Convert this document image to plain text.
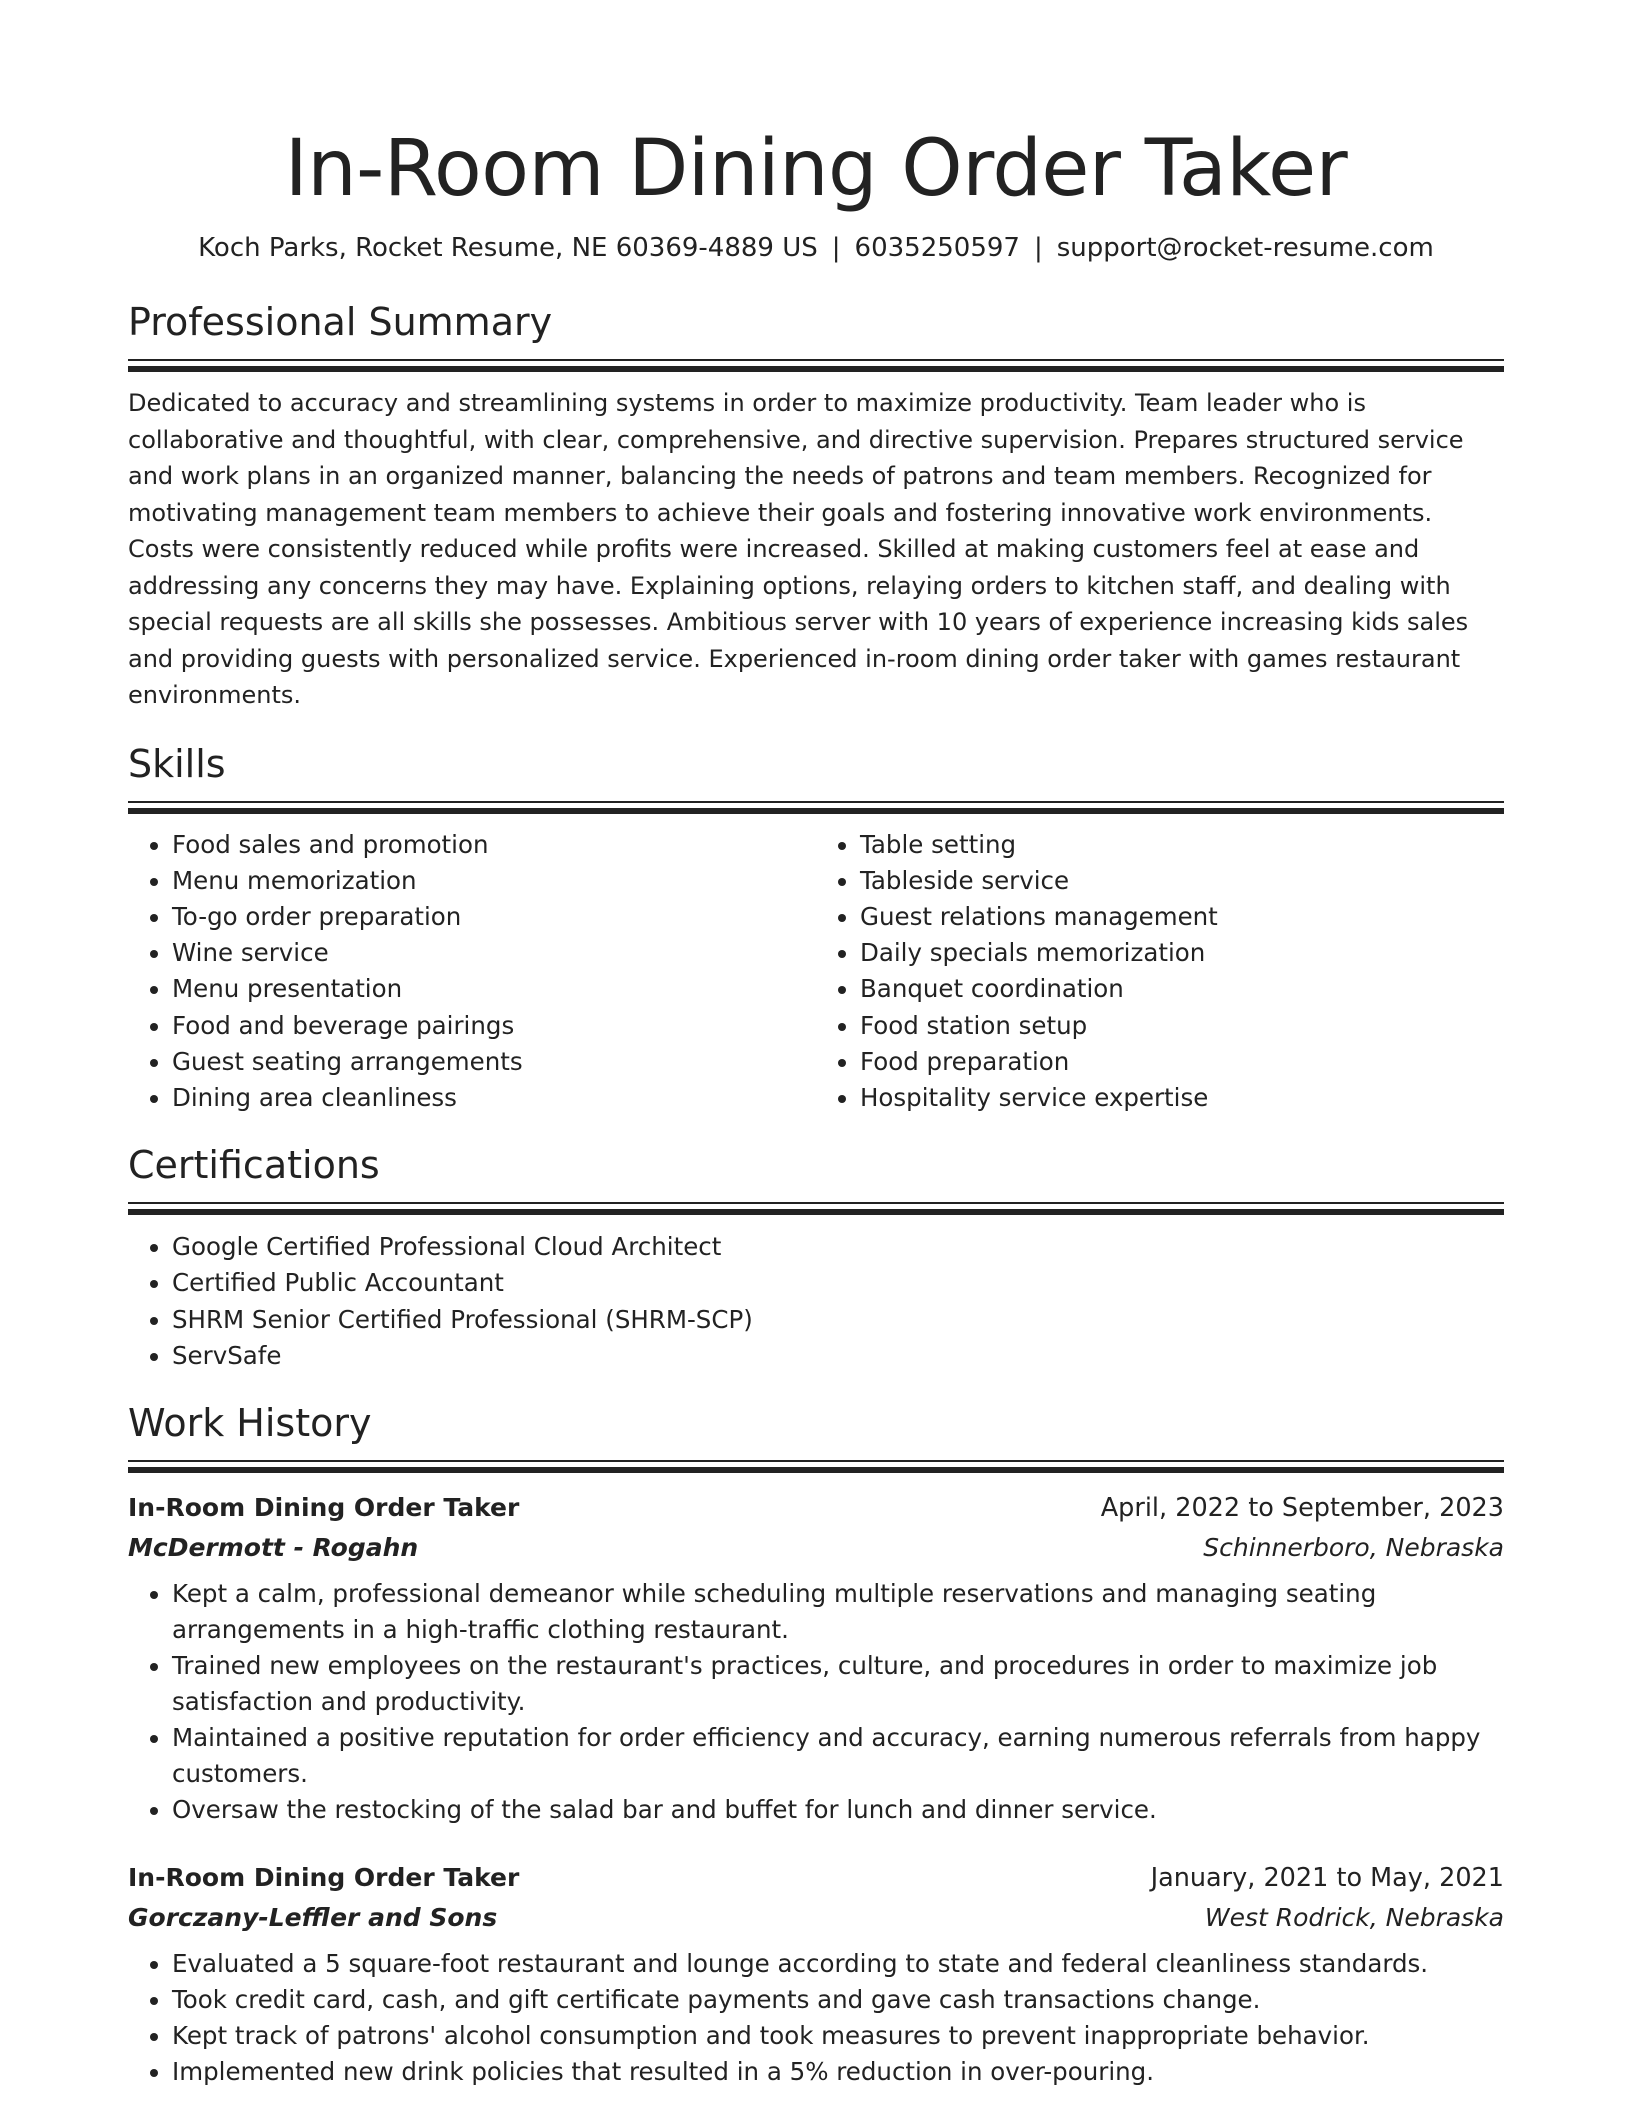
In-Room Dining Order Taker
Koch Parks, Rocket Resume, NE 60369-4889 US | 6035250597 | support@rocket-resume.com
Professional Summary

Dedicated to accuracy and streamlining systems in order to maximize productivity. Team leader who is collaborative and thoughtful, with clear, comprehensive, and directive supervision. Prepares structured service and work plans in an organized manner, balancing the needs of patrons and team members. Recognized for motivating management team members to achieve their goals and fostering innovative work environments. Costs were consistently reduced while profits were increased. Skilled at making customers feel at ease and addressing any concerns they may have. Explaining options, relaying orders to kitchen staff, and dealing with special requests are all skills she possesses. Ambitious server with 10 years of experience increasing kids sales and providing guests with personalized service. Experienced in-room dining order taker with games restaurant environments.

Skills
• Food sales and promotion
• Menu memorization
• To-go order preparation
• Wine service
• Menu presentation
• Food and beverage pairings
• Guest seating arrangements
• Dining area cleanliness
• Table setting
• Tableside service
• Guest relations management
• Daily specials memorization
• Banquet coordination
• Food station setup
• Food preparation
• Hospitality service expertise
Certifications
• Google Certified Professional Cloud Architect
• Certified Public Accountant
• SHRM Senior Certified Professional (SHRM-SCP)
• ServSafe
Work History
In-Room Dining Order Taker	April, 2022 to September, 2023
McDermott - Rogahn	Schinnerboro, Nebraska
• Kept a calm, professional demeanor while scheduling multiple reservations and managing seating arrangements in a high-traffic clothing restaurant.
• Trained new employees on the restaurant's practices, culture, and procedures in order to maximize job satisfaction and productivity.
• Maintained a positive reputation for order efficiency and accuracy, earning numerous referrals from happy customers.
• Oversaw the restocking of the salad bar and buffet for lunch and dinner service.
In-Room Dining Order Taker	January, 2021 to May, 2021
Gorczany-Leffler and Sons	West Rodrick, Nebraska
• Evaluated a 5 square-foot restaurant and lounge according to state and federal cleanliness standards.
• Took credit card, cash, and gift certificate payments and gave cash transactions change.
• Kept track of patrons' alcohol consumption and took measures to prevent inappropriate behavior.
• Implemented new drink policies that resulted in a 5% reduction in over-pouring.
